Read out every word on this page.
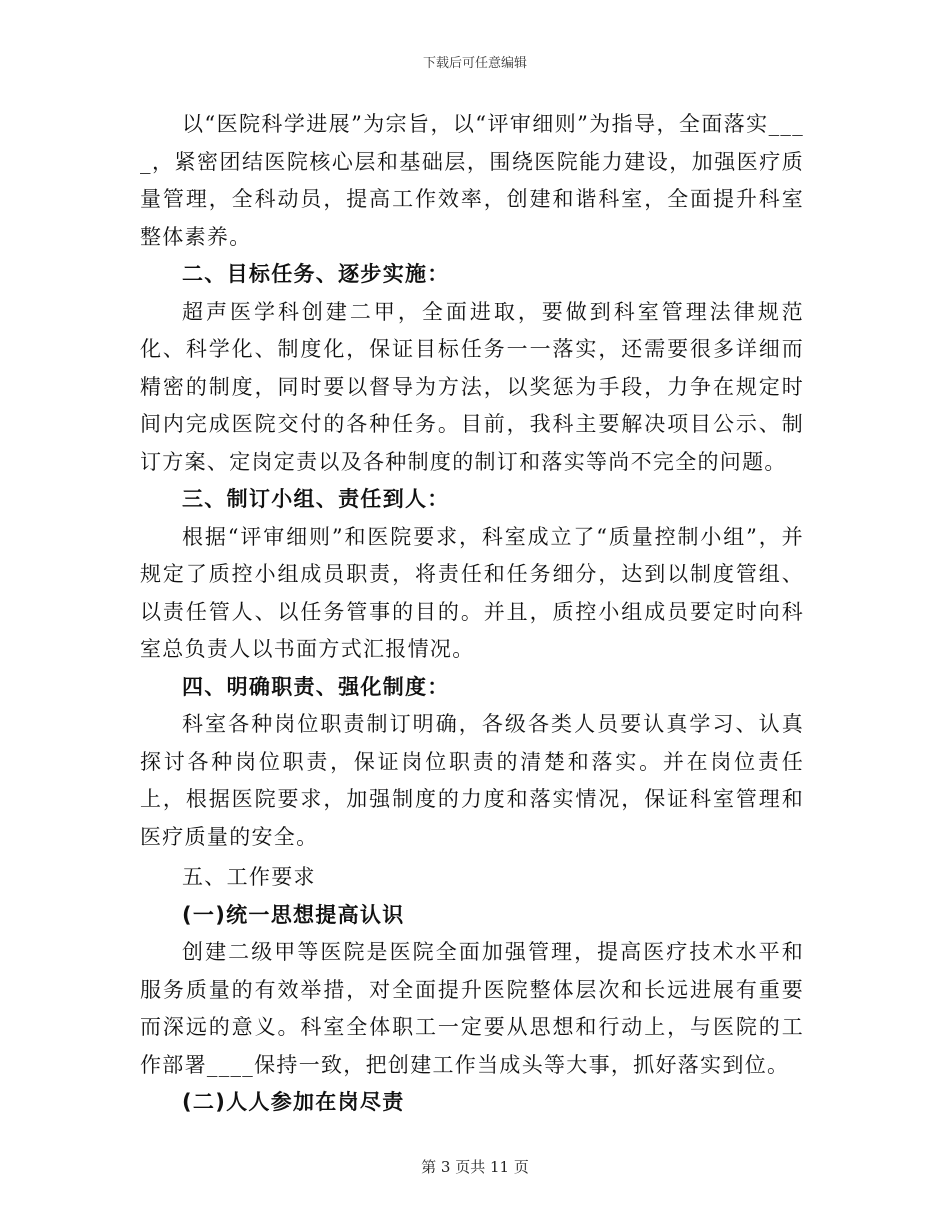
下载后可任意编辑

以“医院科学进展”为宗旨，以“评审细则”为指导，全面落实____，紧密团结医院核心层和基础层，围绕医院能力建设，加强医疗质量管理，全科动员，提高工作效率，创建和谐科室，全面提升科室整体素养。

二、目标任务、逐步实施：

超声医学科创建二甲，全面进取，要做到科室管理法律规范化、科学化、制度化，保证目标任务一一落实，还需要很多详细而精密的制度，同时要以督导为方法，以奖惩为手段，力争在规定时间内完成医院交付的各种任务。目前，我科主要解决项目公示、制订方案、定岗定责以及各种制度的制订和落实等尚不完全的问题。

三、制订小组、责任到人：

根据“评审细则”和医院要求，科室成立了“质量控制小组”，并规定了质控小组成员职责，将责任和任务细分，达到以制度管组、以责任管人、以任务管事的目的。并且，质控小组成员要定时向科室总负责人以书面方式汇报情况。

四、明确职责、强化制度：

科室各种岗位职责制订明确，各级各类人员要认真学习、认真探讨各种岗位职责，保证岗位职责的清楚和落实。并在岗位责任上，根据医院要求，加强制度的力度和落实情况，保证科室管理和医疗质量的安全。

五、工作要求

(一)统一思想提高认识

创建二级甲等医院是医院全面加强管理，提高医疗技术水平和服务质量的有效举措，对全面提升医院整体层次和长远进展有重要而深远的意义。科室全体职工一定要从思想和行动上，与医院的工作部署____保持一致，把创建工作当成头等大事，抓好落实到位。

(二)人人参加在岗尽责

第 3 页共 11 页
